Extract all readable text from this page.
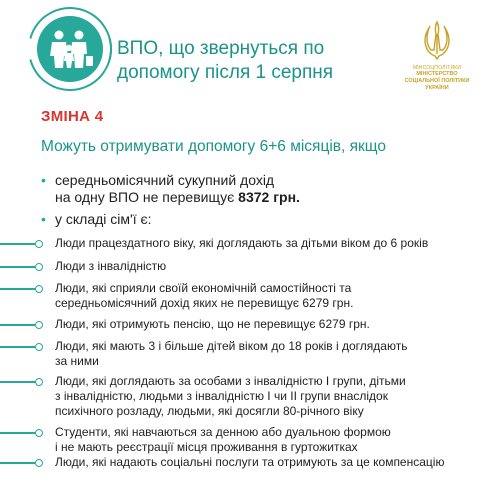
ВПО, що звернуться по
допомогу після 1 серпня	МІНСОЦПОЛІТИКИ
МІНІСТЕРСТВО
СОЦІАЛЬНОЇ ПОЛІТИКИ
УКРАЇНИ
ЗМІНА 4
Можуть отримувати допомогу 6+6 місяців, якщо
• середньомісячний сукупний дохід
на одну ВПО не перевищує 8372 грн.
• у складі сім'ї є:
Люди працездатного віку, які доглядають за дітьми віком до 6 років
Люди з інвалідністю
Люди, які сприяли своїй економічній самостійності та
середньомісячний дохід яких не перевищує 6279 грн.
Люди, які отримують пенсію, що не перевищує 6279 грн.
Люди, які мають 3 і більше дітей віком до 18 років і доглядають
за ними
Люди, які доглядають за особами з інвалідністю І групи, дітьми
з інвалідністю, людьми з інвалідністю І чи ІІ групи внаслідок
психічного розладу, людьми, які досягли 80-річного віку
Студенти, які навчаються за денною або дуальною формою
і не мають реєстрації місця проживання в гуртожитках
Люди, які надають соціальні послуги та отримують за це компенсацію
